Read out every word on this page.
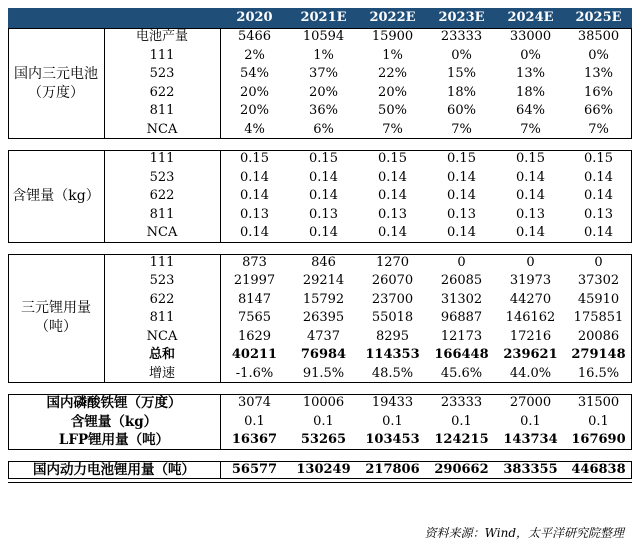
		2020	2021E	2022E	2023E	2024E	2025E

国内三元电池
（万度）	电池产量	5466	10594	15900	23333	33000	38500
	111	2%	1%	1%	0%	0%	0%
	523	54%	37%	22%	15%	13%	13%
	622	20%	20%	20%	18%	18%	16%
	811	20%	36%	50%	60%	64%	66%
	NCA	4%	6%	7%	7%	7%	7%

含锂量（kg）	111	0.15	0.15	0.15	0.15	0.15	0.15
	523	0.14	0.14	0.14	0.14	0.14	0.14
	622	0.14	0.14	0.14	0.14	0.14	0.14
	811	0.13	0.13	0.13	0.13	0.13	0.13
	NCA	0.14	0.14	0.14	0.14	0.14	0.14

三元锂用量
（吨）	111	873	846	1270	0	0	0
	523	21997	29214	26070	26085	31973	37302
	622	8147	15792	23700	31302	44270	45910
	811	7565	26395	55018	96887	146162	175851
	NCA	1629	4737	8295	12173	17216	20086
	总和	40211	76984	114353	166448	239621	279148
	增速	-1.6%	91.5%	48.5%	45.6%	44.0%	16.5%

国内磷酸铁锂（万度）		3074	10006	19433	23333	27000	31500
含锂量（kg）		0.1	0.1	0.1	0.1	0.1	0.1
LFP锂用量（吨）		16367	53265	103453	124215	143734	167690

国内动力电池锂用量（吨）		56577	130249	217806	290662	383355	446838
资料来源：Wind，太平洋研究院整理
